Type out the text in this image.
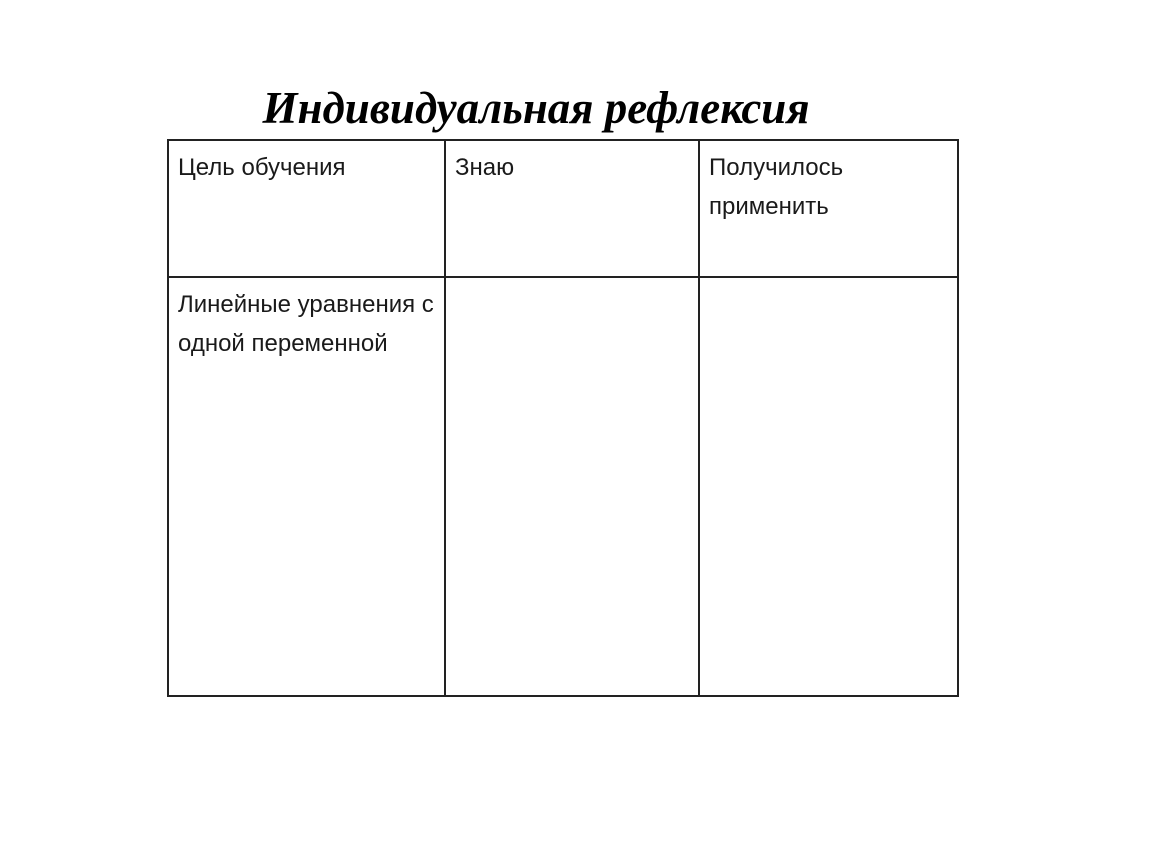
Индивидуальная рефлексия
Цель обучения	Знаю	Получилось применить
Линейные уравнения с одной переменной		
